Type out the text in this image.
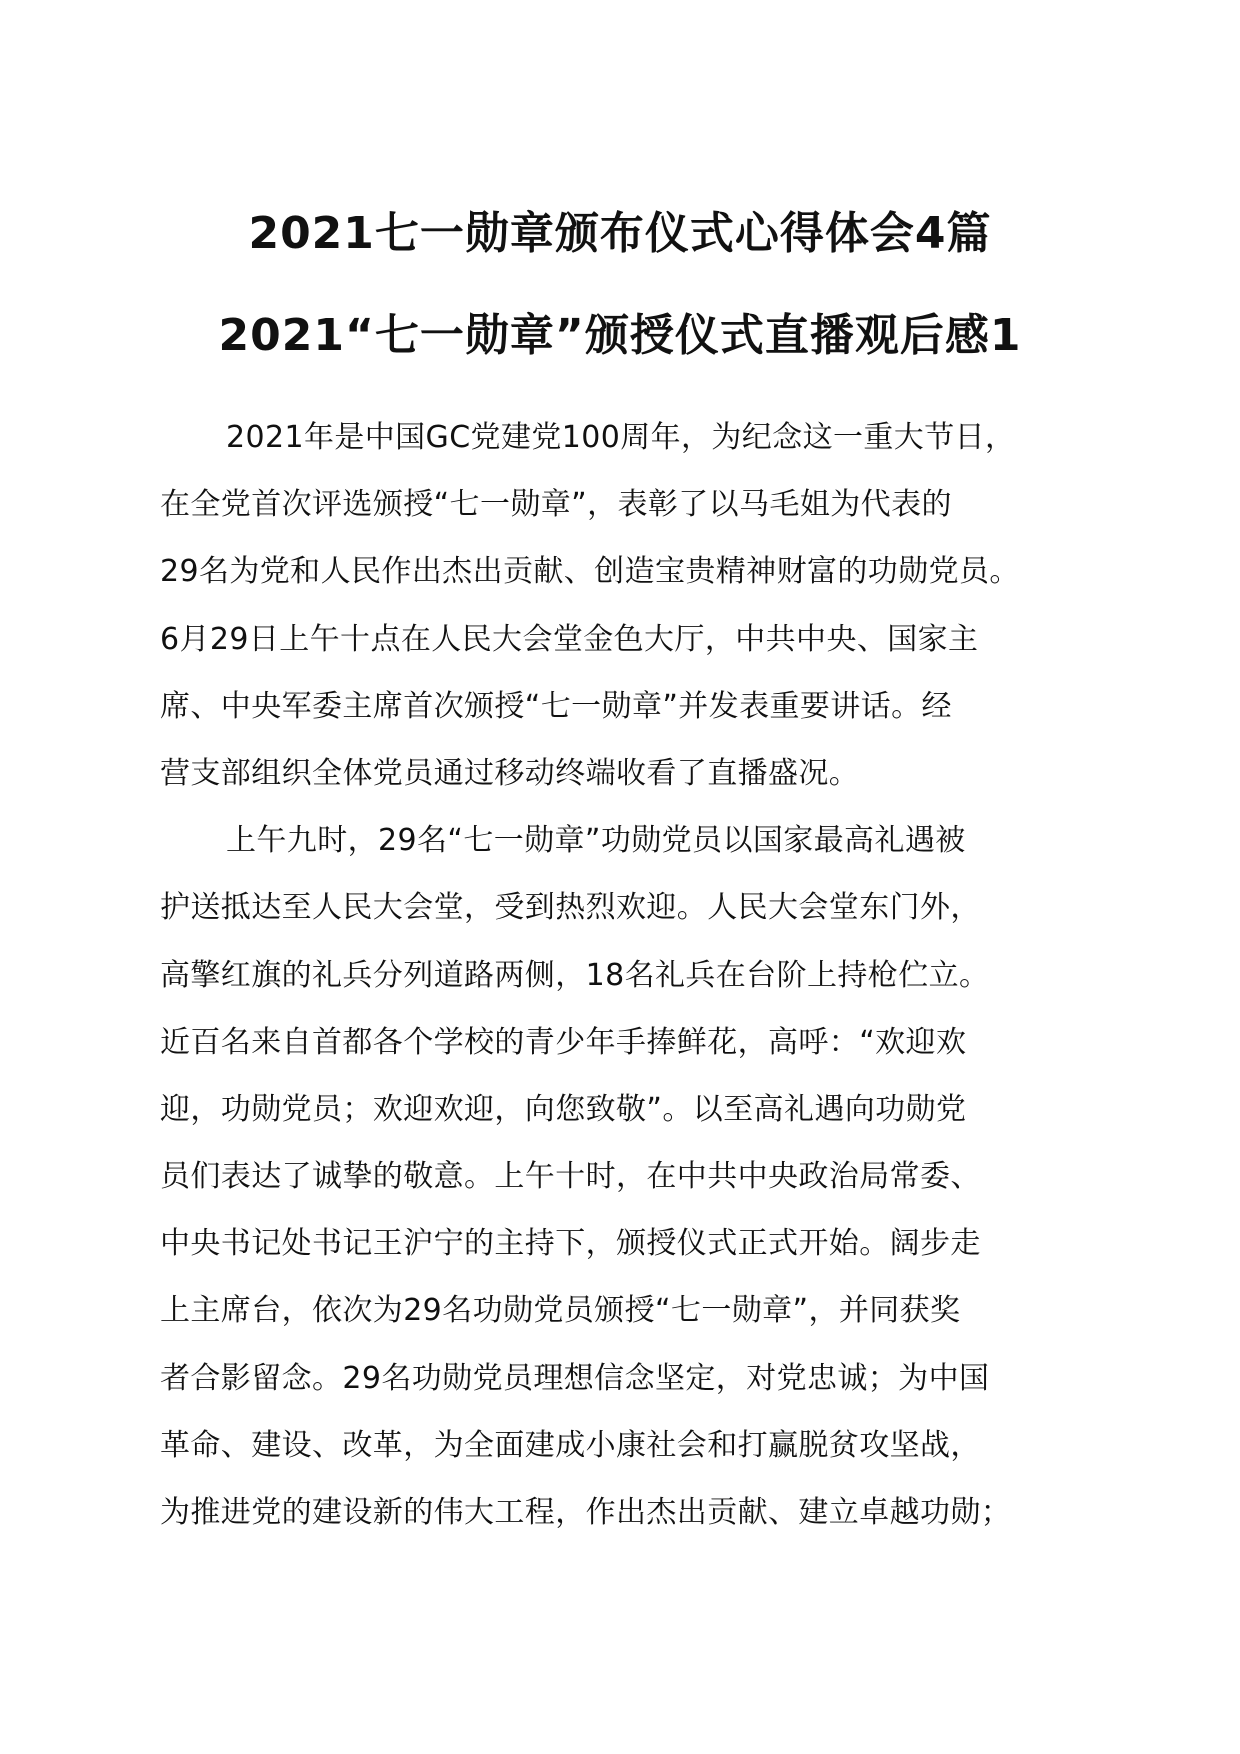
2021七一勋章颁布仪式心得体会4篇
2021“七一勋章”颁授仪式直播观后感1
2021年是中国GC党建党100周年，为纪念这一重大节日，
在全党首次评选颁授“七一勋章”，表彰了以马毛姐为代表的
29名为党和人民作出杰出贡献、创造宝贵精神财富的功勋党员。
6月29日上午十点在人民大会堂金色大厅，中共中央、国家主
席、中央军委主席首次颁授“七一勋章”并发表重要讲话。经
营支部组织全体党员通过移动终端收看了直播盛况。
上午九时，29名“七一勋章”功勋党员以国家最高礼遇被
护送抵达至人民大会堂，受到热烈欢迎。人民大会堂东门外，
高擎红旗的礼兵分列道路两侧，18名礼兵在台阶上持枪伫立。
近百名来自首都各个学校的青少年手捧鲜花，高呼：“欢迎欢
迎，功勋党员；欢迎欢迎，向您致敬”。以至高礼遇向功勋党
员们表达了诚挚的敬意。上午十时，在中共中央政治局常委、
中央书记处书记王沪宁的主持下，颁授仪式正式开始。阔步走
上主席台，依次为29名功勋党员颁授“七一勋章”，并同获奖
者合影留念。29名功勋党员理想信念坚定，对党忠诚；为中国
革命、建设、改革，为全面建成小康社会和打赢脱贫攻坚战，
为推进党的建设新的伟大工程，作出杰出贡献、建立卓越功勋；
